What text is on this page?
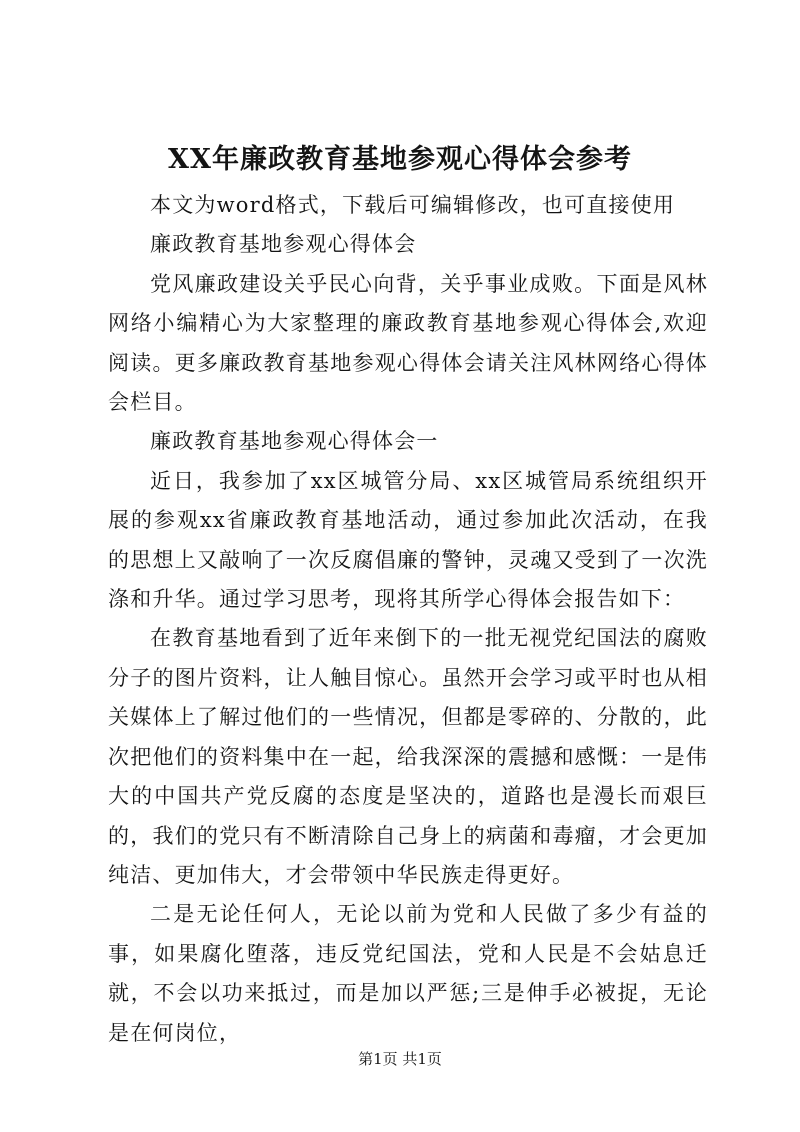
XX年廉政教育基地参观心得体会参考

本文为word格式，下载后可编辑修改，也可直接使用

廉政教育基地参观心得体会

党风廉政建设关乎民心向背，关乎事业成败。下面是风林网络小编精心为大家整理的廉政教育基地参观心得体会,欢迎阅读。更多廉政教育基地参观心得体会请关注风林网络心得体会栏目。

廉政教育基地参观心得体会一

近日，我参加了xx区城管分局、xx区城管局系统组织开展的参观xx省廉政教育基地活动，通过参加此次活动，在我的思想上又敲响了一次反腐倡廉的警钟，灵魂又受到了一次洗涤和升华。通过学习思考，现将其所学心得体会报告如下：

在教育基地看到了近年来倒下的一批无视党纪国法的腐败分子的图片资料，让人触目惊心。虽然开会学习或平时也从相关媒体上了解过他们的一些情况，但都是零碎的、分散的，此次把他们的资料集中在一起，给我深深的震撼和感慨：一是伟大的中国共产党反腐的态度是坚决的，道路也是漫长而艰巨的，我们的党只有不断清除自己身上的病菌和毒瘤，才会更加纯洁、更加伟大，才会带领中华民族走得更好。

二是无论任何人，无论以前为党和人民做了多少有益的事，如果腐化堕落，违反党纪国法，党和人民是不会姑息迁就，不会以功来抵过，而是加以严惩;三是伸手必被捉，无论是在何岗位，

第1页 共1页
